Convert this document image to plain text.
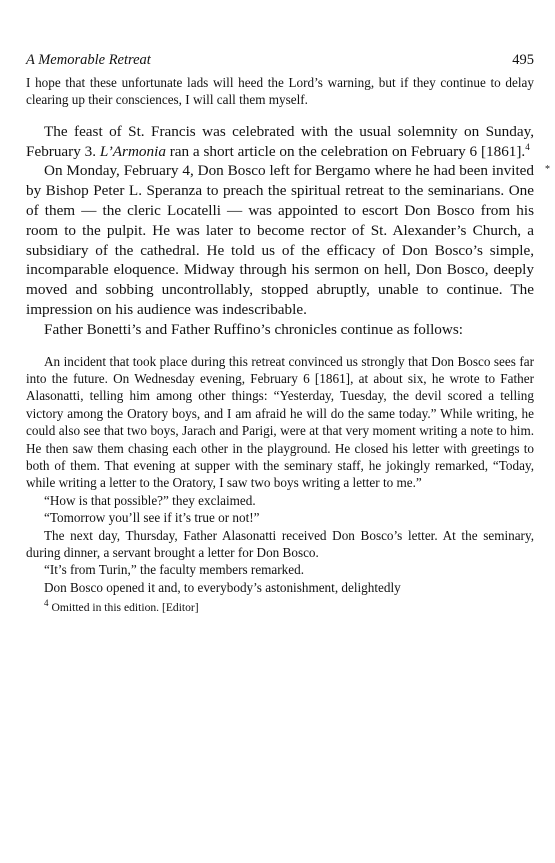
A Memorable Retreat	495

I hope that these unfortunate lads will heed the Lord’s warning, but if they continue to delay clearing up their consciences, I will call them myself.

*

The feast of St. Francis was celebrated with the usual solemnity on Sunday, February 3. L’Armonia ran a short article on the celebration on February 6 [1861].$^4$

On Monday, February 4, Don Bosco left for Bergamo where he had been invited by Bishop Peter L. Speranza to preach the spiritual retreat to the seminarians. One of them — the cleric Locatelli — was appointed to escort Don Bosco from his room to the pulpit. He was later to become rector of St. Alexander’s Church, a subsidiary of the cathedral. He told us of the efficacy of Don Bosco’s simple, incomparable eloquence. Midway through his sermon on hell, Don Bosco, deeply moved and sobbing uncontrollably, stopped abruptly, unable to continue. The impression on his audience was indescribable.

Father Bonetti’s and Father Ruffino’s chronicles continue as follows:

An incident that took place during this retreat convinced us strongly that Don Bosco sees far into the future. On Wednesday evening, February 6 [1861], at about six, he wrote to Father Alasonatti, telling him among other things: “Yesterday, Tuesday, the devil scored a telling victory among the Oratory boys, and I am afraid he will do the same today.” While writing, he could also see that two boys, Jarach and Parigi, were at that very moment writing a note to him. He then saw them chasing each other in the playground. He closed his letter with greetings to both of them. That evening at supper with the seminary staff, he jokingly remarked, “Today, while writing a letter to the Oratory, I saw two boys writing a letter to me.”

“How is that possible?” they exclaimed.

“Tomorrow you’ll see if it’s true or not!”

The next day, Thursday, Father Alasonatti received Don Bosco’s letter. At the seminary, during dinner, a servant brought a letter for Don Bosco.

“It’s from Turin,” the faculty members remarked.

Don Bosco opened it and, to everybody’s astonishment, delightedly

$^4$ Omitted in this edition. [Editor]
